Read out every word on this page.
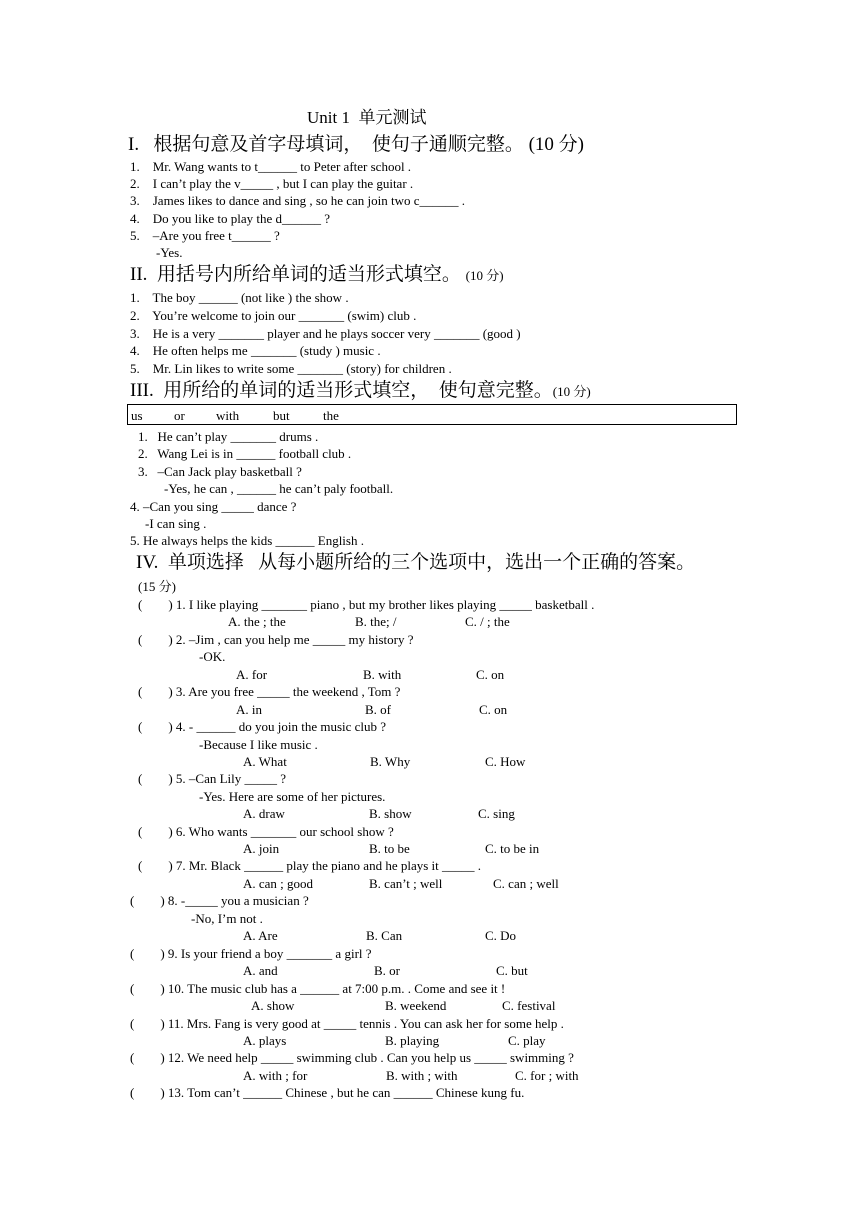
Unit 1  单元测试
I.   根据句意及首字母填词，  使句子通顺完整。 (10 分)
1.    Mr. Wang wants to t______ to Peter after school .
2.    I can’t play the v_____ , but I can play the guitar .
3.    James likes to dance and sing , so he can join two c______ .
4.    Do you like to play the d______ ?
5.    –Are you free t______ ?
-Yes.
II.  用括号内所给单词的适当形式填空。 (10 分)
1.    The boy ______ (not like ) the show .
2.    You’re welcome to join our _______ (swim) club .
3.    He is a very _______ player and he plays soccer very _______ (good )
4.    He often helps me _______ (study ) music .
5.    Mr. Lin likes to write some _______ (story) for children .
III.  用所给的单词的适当形式填空，  使句意完整。(10 分)
us or with	but	the
1.   He can’t play _______ drums .
2.   Wang Lei is in ______ football club .
3.   –Can Jack play basketball ?
-Yes, he can , ______ he can’t paly football.
4. –Can you sing _____ dance ?
-I can sing .
5. He always helps the kids ______ English .
IV.  单项选择   从每小题所给的三个选项中，选出一个正确的答案。
(15 分)
(        ) 1. I like playing _______ piano , but my brother likes playing _____ basketball .
A. the ; the	B. the; /	C. / ; the
(        ) 2. –Jim , can you help me _____ my history ?
-OK.
A. for	B. with	C. on
(        ) 3. Are you free _____ the weekend , Tom ?
A. in	B. of	C. on
(        ) 4. - ______ do you join the music club ?
-Because I like music .
A. What	B. Why	C. How
(        ) 5. –Can Lily _____ ?
-Yes. Here are some of her pictures.
A. draw	B. show	C. sing
(        ) 6. Who wants _______ our school show ?
A. join	B. to be	C. to be in
(        ) 7. Mr. Black ______ play the piano and he plays it _____ .
A. can ; good	B. can’t ; well	C. can ; well
(        ) 8. -_____ you a musician ?
-No, I’m not .
A. Are	B. Can	C. Do
(        ) 9. Is your friend a boy _______ a girl ?
A. and	B. or	C. but
(        ) 10. The music club has a ______ at 7:00 p.m. . Come and see it !
A. show	B. weekend	C. festival
(        ) 11. Mrs. Fang is very good at _____ tennis . You can ask her for some help .
A. plays	B. playing	C. play
(        ) 12. We need help _____ swimming club . Can you help us _____ swimming ?
A. with ; for	B. with ; with	C. for ; with
(        ) 13. Tom can’t ______ Chinese , but he can ______ Chinese kung fu.
